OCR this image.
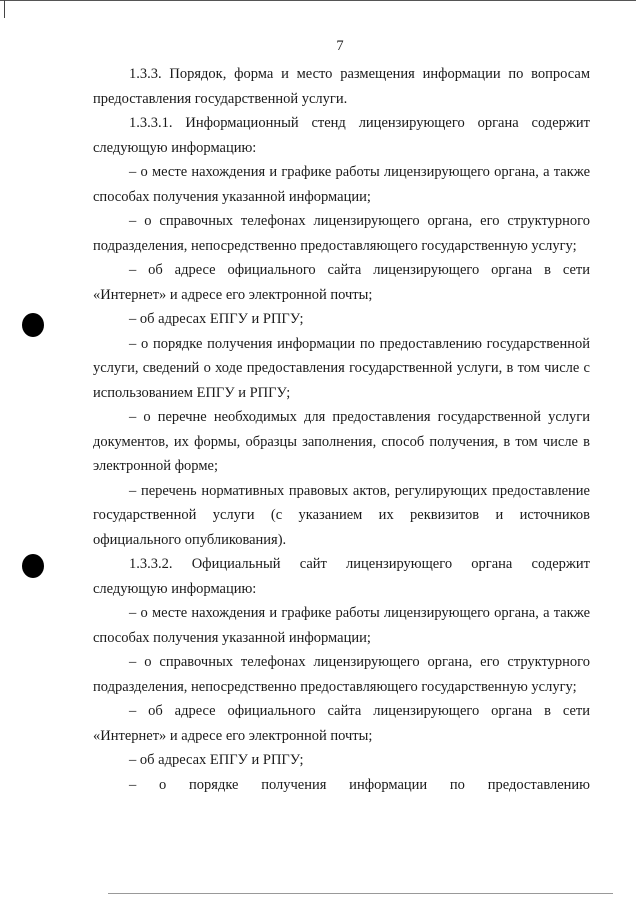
7

1.3.3. Порядок, форма и место размещения информации по вопросам предоставления государственной услуги.

1.3.3.1. Информационный стенд лицензирующего органа содержит следующую информацию:

– о месте нахождения и графике работы лицензирующего органа, а также способах получения указанной информации;

– о справочных телефонах лицензирующего органа, его структурного подразделения, непосредственно предоставляющего государственную услугу;

– об адресе официального сайта лицензирующего органа в сети «Интернет» и адресе его электронной почты;

– об адресах ЕПГУ и РПГУ;

– о порядке получения информации по предоставлению государственной услуги, сведений о ходе предоставления государственной услуги, в том числе с использованием ЕПГУ и РПГУ;

– о перечне необходимых для предоставления государственной услуги документов, их формы, образцы заполнения, способ получения, в том числе в электронной форме;

– перечень нормативных правовых актов, регулирующих предоставление государственной услуги (с указанием их реквизитов и источников официального опубликования).

1.3.3.2. Официальный сайт лицензирующего органа содержит следующую информацию:

– о месте нахождения и графике работы лицензирующего органа, а также способах получения указанной информации;

– о справочных телефонах лицензирующего органа, его структурного подразделения, непосредственно предоставляющего государственную услугу;

– об адресе официального сайта лицензирующего органа в сети «Интернет» и адресе его электронной почты;

– об адресах ЕПГУ и РПГУ;

– о порядке получения информации по предоставлению
